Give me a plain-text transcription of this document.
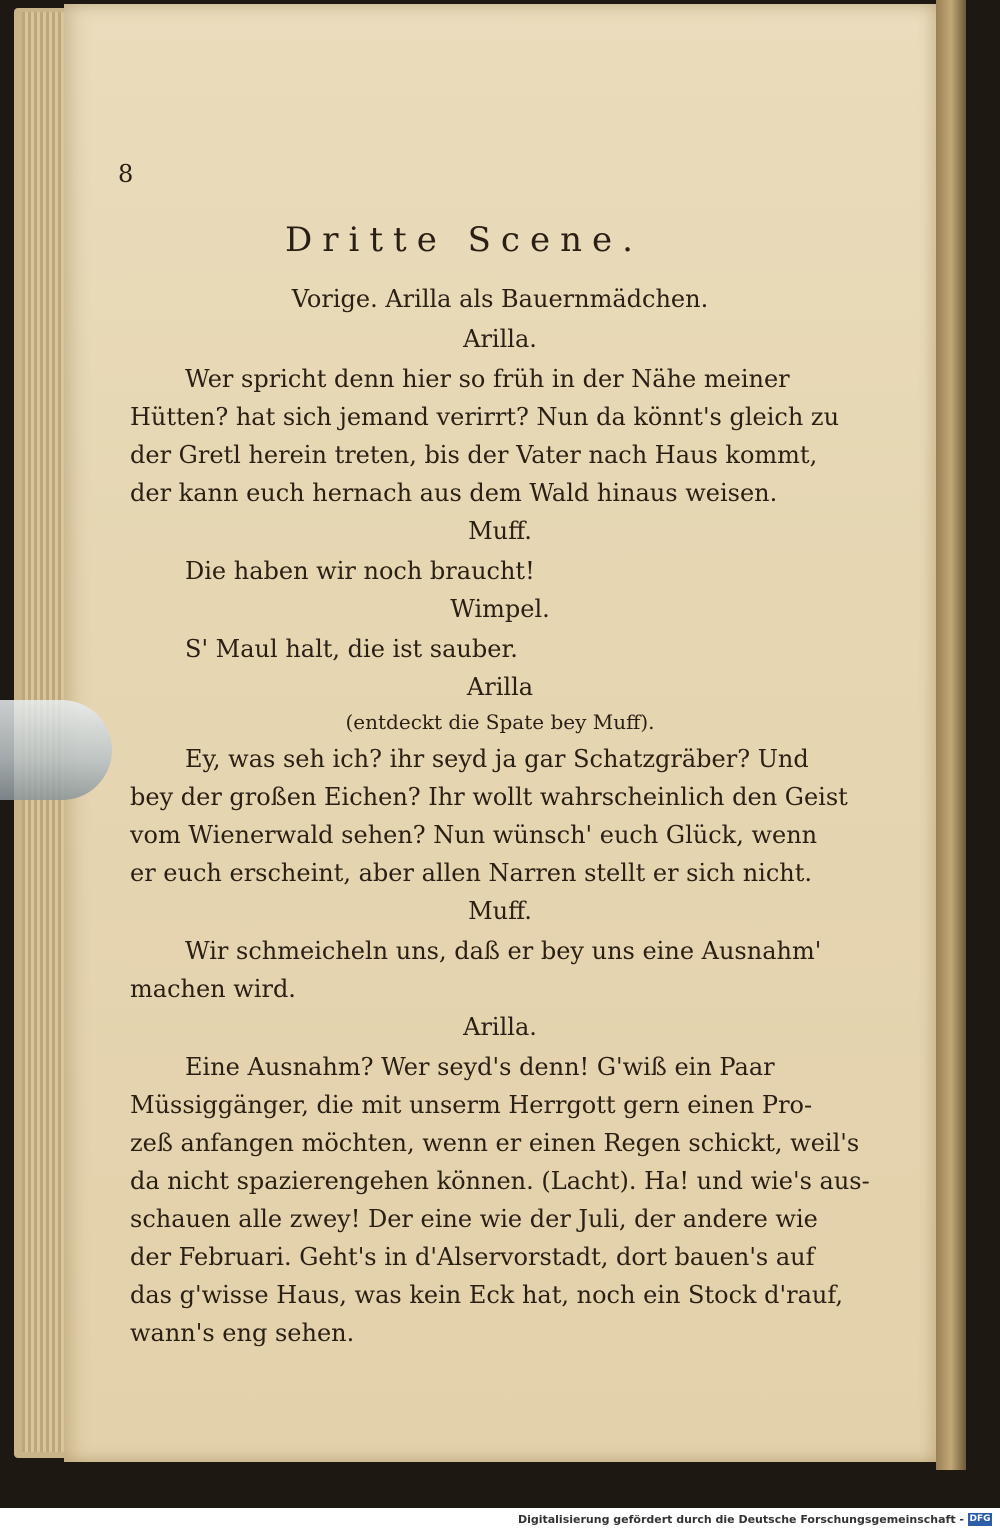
8
Dritte Scene.
Vorige. Arilla als Bauernmädchen.
Arilla.
Wer spricht denn hier so früh in der Nähe meiner
Hütten? hat sich jemand verirrt? Nun da könnt's gleich zu
der Gretl herein treten, bis der Vater nach Haus kommt,
der kann euch hernach aus dem Wald hinaus weisen.
Muff.
Die haben wir noch braucht!
Wimpel.
S' Maul halt, die ist sauber.
Arilla
(entdeckt die Spate bey Muff).
Ey, was seh ich? ihr seyd ja gar Schatzgräber? Und
bey der großen Eichen? Ihr wollt wahrscheinlich den Geist
vom Wienerwald sehen? Nun wünsch' euch Glück, wenn
er euch erscheint, aber allen Narren stellt er sich nicht.
Muff.
Wir schmeicheln uns, daß er bey uns eine Ausnahm'
machen wird.
Arilla.
Eine Ausnahm? Wer seyd's denn! G'wiß ein Paar
Müssiggänger, die mit unserm Herrgott gern einen Pro-
zeß anfangen möchten, wenn er einen Regen schickt, weil's
da nicht spazierengehen können. (Lacht). Ha! und wie's aus-
schauen alle zwey! Der eine wie der Juli, der andere wie
der Februari. Geht's in d'Alservorstadt, dort bauen's auf
das g'wisse Haus, was kein Eck hat, noch ein Stock d'rauf,
wann's eng sehen.
Digitalisierung gefördert durch die Deutsche Forschungsgemeinschaft - DFG
